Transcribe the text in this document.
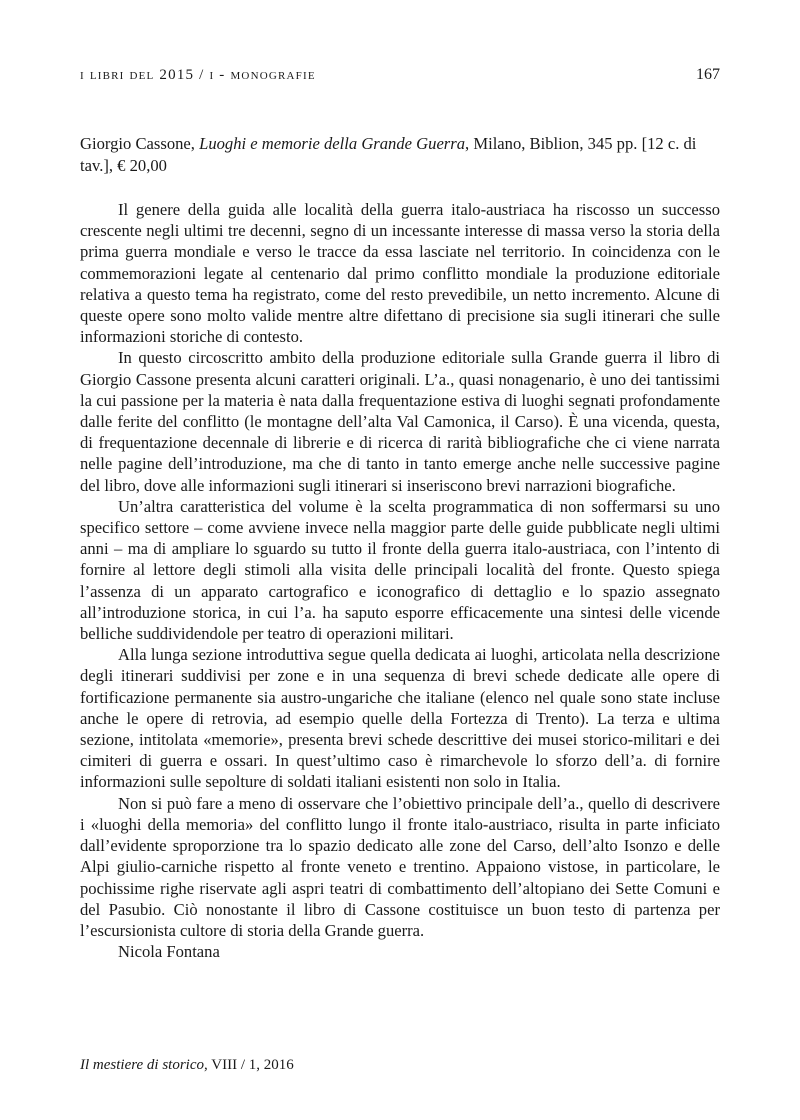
i libri del 2015 / i - monografie	167

Giorgio Cassone, Luoghi e memorie della Grande Guerra, Milano, Biblion, 345 pp. [12 c. di tav.], € 20,00

Il genere della guida alle località della guerra italo-austriaca ha riscosso un successo crescente negli ultimi tre decenni, segno di un incessante interesse di massa verso la storia della prima guerra mondiale e verso le tracce da essa lasciate nel territorio. In coincidenza con le commemorazioni legate al centenario dal primo conflitto mondiale la produzione editoriale relativa a questo tema ha registrato, come del resto prevedibile, un netto incremento. Alcune di queste opere sono molto valide mentre altre difettano di precisione sia sugli itinerari che sulle informazioni storiche di contesto.

In questo circoscritto ambito della produzione editoriale sulla Grande guerra il libro di Giorgio Cassone presenta alcuni caratteri originali. L’a., quasi nonagenario, è uno dei tantissimi la cui passione per la materia è nata dalla frequentazione estiva di luoghi segnati profondamente dalle ferite del conflitto (le montagne dell’alta Val Camonica, il Carso). È una vicenda, questa, di frequentazione decennale di librerie e di ricerca di rarità bibliografiche che ci viene narrata nelle pagine dell’introduzione, ma che di tanto in tanto emerge anche nelle successive pagine del libro, dove alle informazioni sugli itinerari si inseriscono brevi narrazioni biografiche.

Un’altra caratteristica del volume è la scelta programmatica di non soffermarsi su uno specifico settore – come avviene invece nella maggior parte delle guide pubblicate negli ultimi anni – ma di ampliare lo sguardo su tutto il fronte della guerra italo-austriaca, con l’intento di fornire al lettore degli stimoli alla visita delle principali località del fronte. Questo spiega l’assenza di un apparato cartografico e iconografico di dettaglio e lo spazio assegnato all’introduzione storica, in cui l’a. ha saputo esporre efficacemente una sintesi delle vicende belliche suddividendole per teatro di operazioni militari.

Alla lunga sezione introduttiva segue quella dedicata ai luoghi, articolata nella descrizione degli itinerari suddivisi per zone e in una sequenza di brevi schede dedicate alle opere di fortificazione permanente sia austro-ungariche che italiane (elenco nel quale sono state incluse anche le opere di retrovia, ad esempio quelle della Fortezza di Trento). La terza e ultima sezione, intitolata «memorie», presenta brevi schede descrittive dei musei storico-militari e dei cimiteri di guerra e ossari. In quest’ultimo caso è rimarchevole lo sforzo dell’a. di fornire informazioni sulle sepolture di soldati italiani esistenti non solo in Italia.

Non si può fare a meno di osservare che l’obiettivo principale dell’a., quello di descrivere i «luoghi della memoria» del conflitto lungo il fronte italo-austriaco, risulta in parte inficiato dall’evidente sproporzione tra lo spazio dedicato alle zone del Carso, dell’alto Isonzo e delle Alpi giulio-carniche rispetto al fronte veneto e trentino. Appaiono vistose, in particolare, le pochissime righe riservate agli aspri teatri di combattimento dell’altopiano dei Sette Comuni e del Pasubio. Ciò nonostante il libro di Cassone costituisce un buon testo di partenza per l’escursionista cultore di storia della Grande guerra.

Nicola Fontana

Il mestiere di storico, VIII / 1, 2016
